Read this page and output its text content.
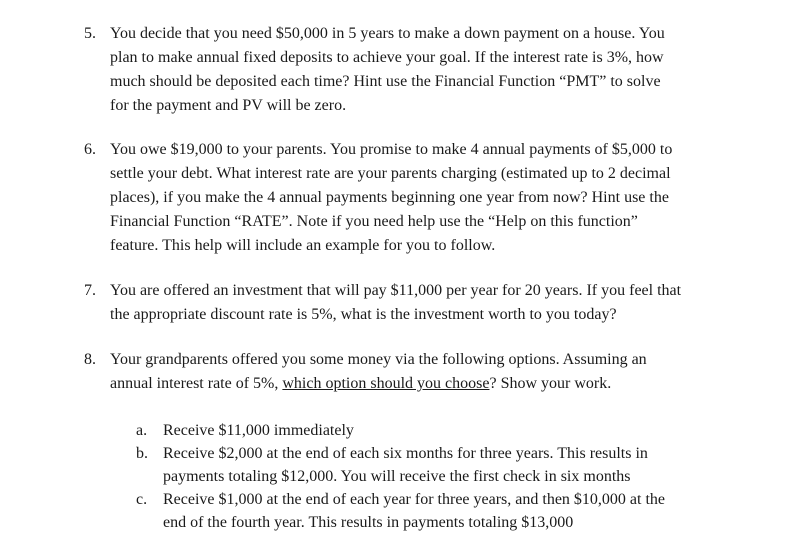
5. You decide that you need $50,000 in 5 years to make a down payment on a house. You
plan to make annual fixed deposits to achieve your goal. If the interest rate is 3%, how
much should be deposited each time? Hint use the Financial Function “PMT” to solve
for the payment and PV will be zero.
6. You owe $19,000 to your parents. You promise to make 4 annual payments of $5,000 to
settle your debt. What interest rate are your parents charging (estimated up to 2 decimal
places), if you make the 4 annual payments beginning one year from now? Hint use the
Financial Function “RATE”. Note if you need help use the “Help on this function”
feature. This help will include an example for you to follow.
7. You are offered an investment that will pay $11,000 per year for 20 years. If you feel that
the appropriate discount rate is 5%, what is the investment worth to you today?
8. Your grandparents offered you some money via the following options. Assuming an
annual interest rate of 5%, which option should you choose? Show your work.
a. Receive $11,000 immediately
b. Receive $2,000 at the end of each six months for three years. This results in
payments totaling $12,000. You will receive the first check in six months
c. Receive $1,000 at the end of each year for three years, and then $10,000 at the
end of the fourth year. This results in payments totaling $13,000
